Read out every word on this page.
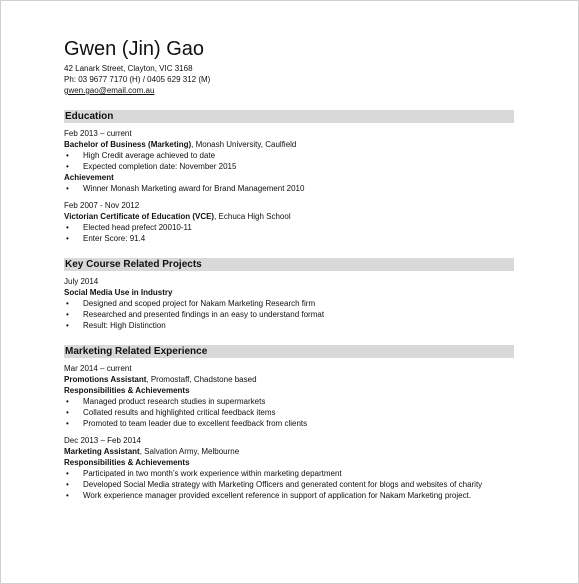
Gwen (Jin) Gao
42 Lanark Street, Clayton, VIC 3168
Ph: 03 9677 7170 (H) / 0405 629 312 (M)
gwen.gao@email.com.au
Education
Feb 2013 – current
Bachelor of Business (Marketing), Monash University, Caulfield
• High Credit average achieved to date
• Expected completion date: November 2015
Achievement
• Winner Monash Marketing award for Brand Management 2010
Feb 2007 - Nov 2012
Victorian Certificate of Education (VCE), Echuca High School
• Elected head prefect 20010-11
• Enter Score: 91.4
Key Course Related Projects
July 2014
Social Media Use in Industry
• Designed and scoped project for Nakam Marketing Research firm
• Researched and presented findings in an easy to understand format
• Result: High Distinction
Marketing Related Experience
Mar 2014 – current
Promotions Assistant, Promostaff, Chadstone based
Responsibilities & Achievements
• Managed product research studies in supermarkets
• Collated results and highlighted critical feedback items
• Promoted to team leader due to excellent feedback from clients
Dec 2013 – Feb 2014
Marketing Assistant, Salvation Army, Melbourne
Responsibilities & Achievements
• Participated in two month’s work experience within marketing department
• Developed Social Media strategy with Marketing Officers and generated content for blogs and websites of charity
• Work experience manager provided excellent reference in support of application for Nakam Marketing project.
